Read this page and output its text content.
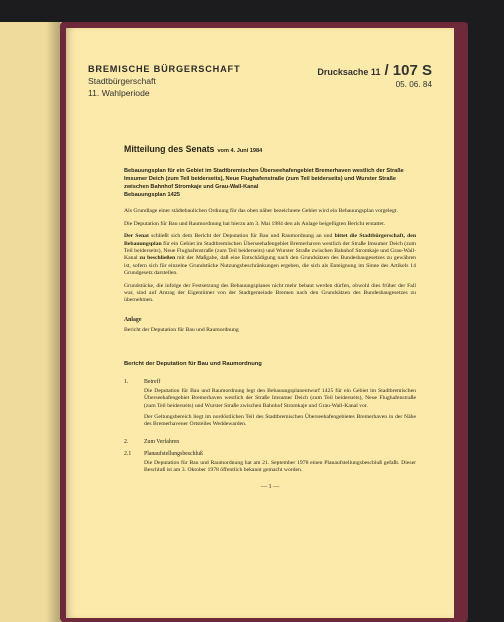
BREMISCHE BÜRGERSCHAFT
Stadtbürgerschaft
11. Wahlperiode
Drucksache 11 / 107 S
05. 06. 84
Mitteilung des Senats vom 4. Juni 1984
Bebauungsplan für ein Gebiet im Stadtbremischen Überseehafengebiet Bremerhaven westlich der Straße Imsumer Deich (zum Teil beiderseits), Neue Flughafenstraße (zum Teil beiderseits) und Wurster Straße zwischen Bahnhof Stromkaje und Grau-Wall-Kanal
Bebauungsplan 1425

Als Grundlage einer städtebaulichen Ordnung für das oben näher bezeichnete Gebiet wird ein Bebauungsplan vorgelegt.

Die Deputation für Bau und Raumordnung hat hierzu am 3. Mai 1984 den als Anlage beigefügten Bericht erstattet.

Der Senat schließt sich dem Bericht der Deputation für Bau und Raumordnung an und bittet die Stadtbürgerschaft, den Bebauungsplan für ein Gebiet im Stadtbremischen Überseehafengebiet Bremerhaven westlich der Straße Imsumer Deich (zum Teil beiderseits), Neue Flughafenstraße (zum Teil beiderseits) und Wurster Straße zwischen Bahnhof Stromkaje und Grau-Wall-Kanal zu beschließen mit der Maßgabe, daß eine Entschädigung nach den Grundsätzen des Bundesbaugesetzes zu gewähren ist, sofern sich für einzelne Grundstücke Nutzungsbeschränkungen ergeben, die sich als Enteignung im Sinne des Artikels 14 Grundgesetz darstellen.

Grundstücke, die infolge der Festsetzung des Bebauungsplanes nicht mehr bebaut werden dürfen, obwohl dies früher der Fall war, sind auf Antrag der Eigentümer von der Stadtgemeinde Bremen nach den Grundsätzen des Bundesbaugesetzes zu übernehmen.

Anlage
Bericht der Deputation für Bau und Raumordnung
Bericht der Deputation für Bau und Raumordnung
1.	Betreff
Die Deputation für Bau und Raumordnung legt den Bebauungsplanentwurf 1425 für ein Gebiet im Stadtbremischen Überseehafengebiet Bremerhaven westlich der Straße Imsumer Deich (zum Teil beiderseits), Neue Flughafenstraße (zum Teil beiderseits) und Wurster Straße zwischen Bahnhof Stromkaje und Grau-Wall-Kanal vor.
Der Geltungsbereich liegt im nordöstlichen Teil des Stadtbremischen Überseehafengebietes Bremerhaven in der Nähe des Bremerhavener Ortsteiles Weddewarden.
2.	Zum Verfahren
2.1 Planaufstellungsbeschluß
Die Deputation für Bau und Raumordnung hat am 21. September 1978 einen Planaufstellungsbeschluß gefaßt. Dieser Beschluß ist am 3. Oktober 1978 öffentlich bekannt gemacht worden.
— 1 —
